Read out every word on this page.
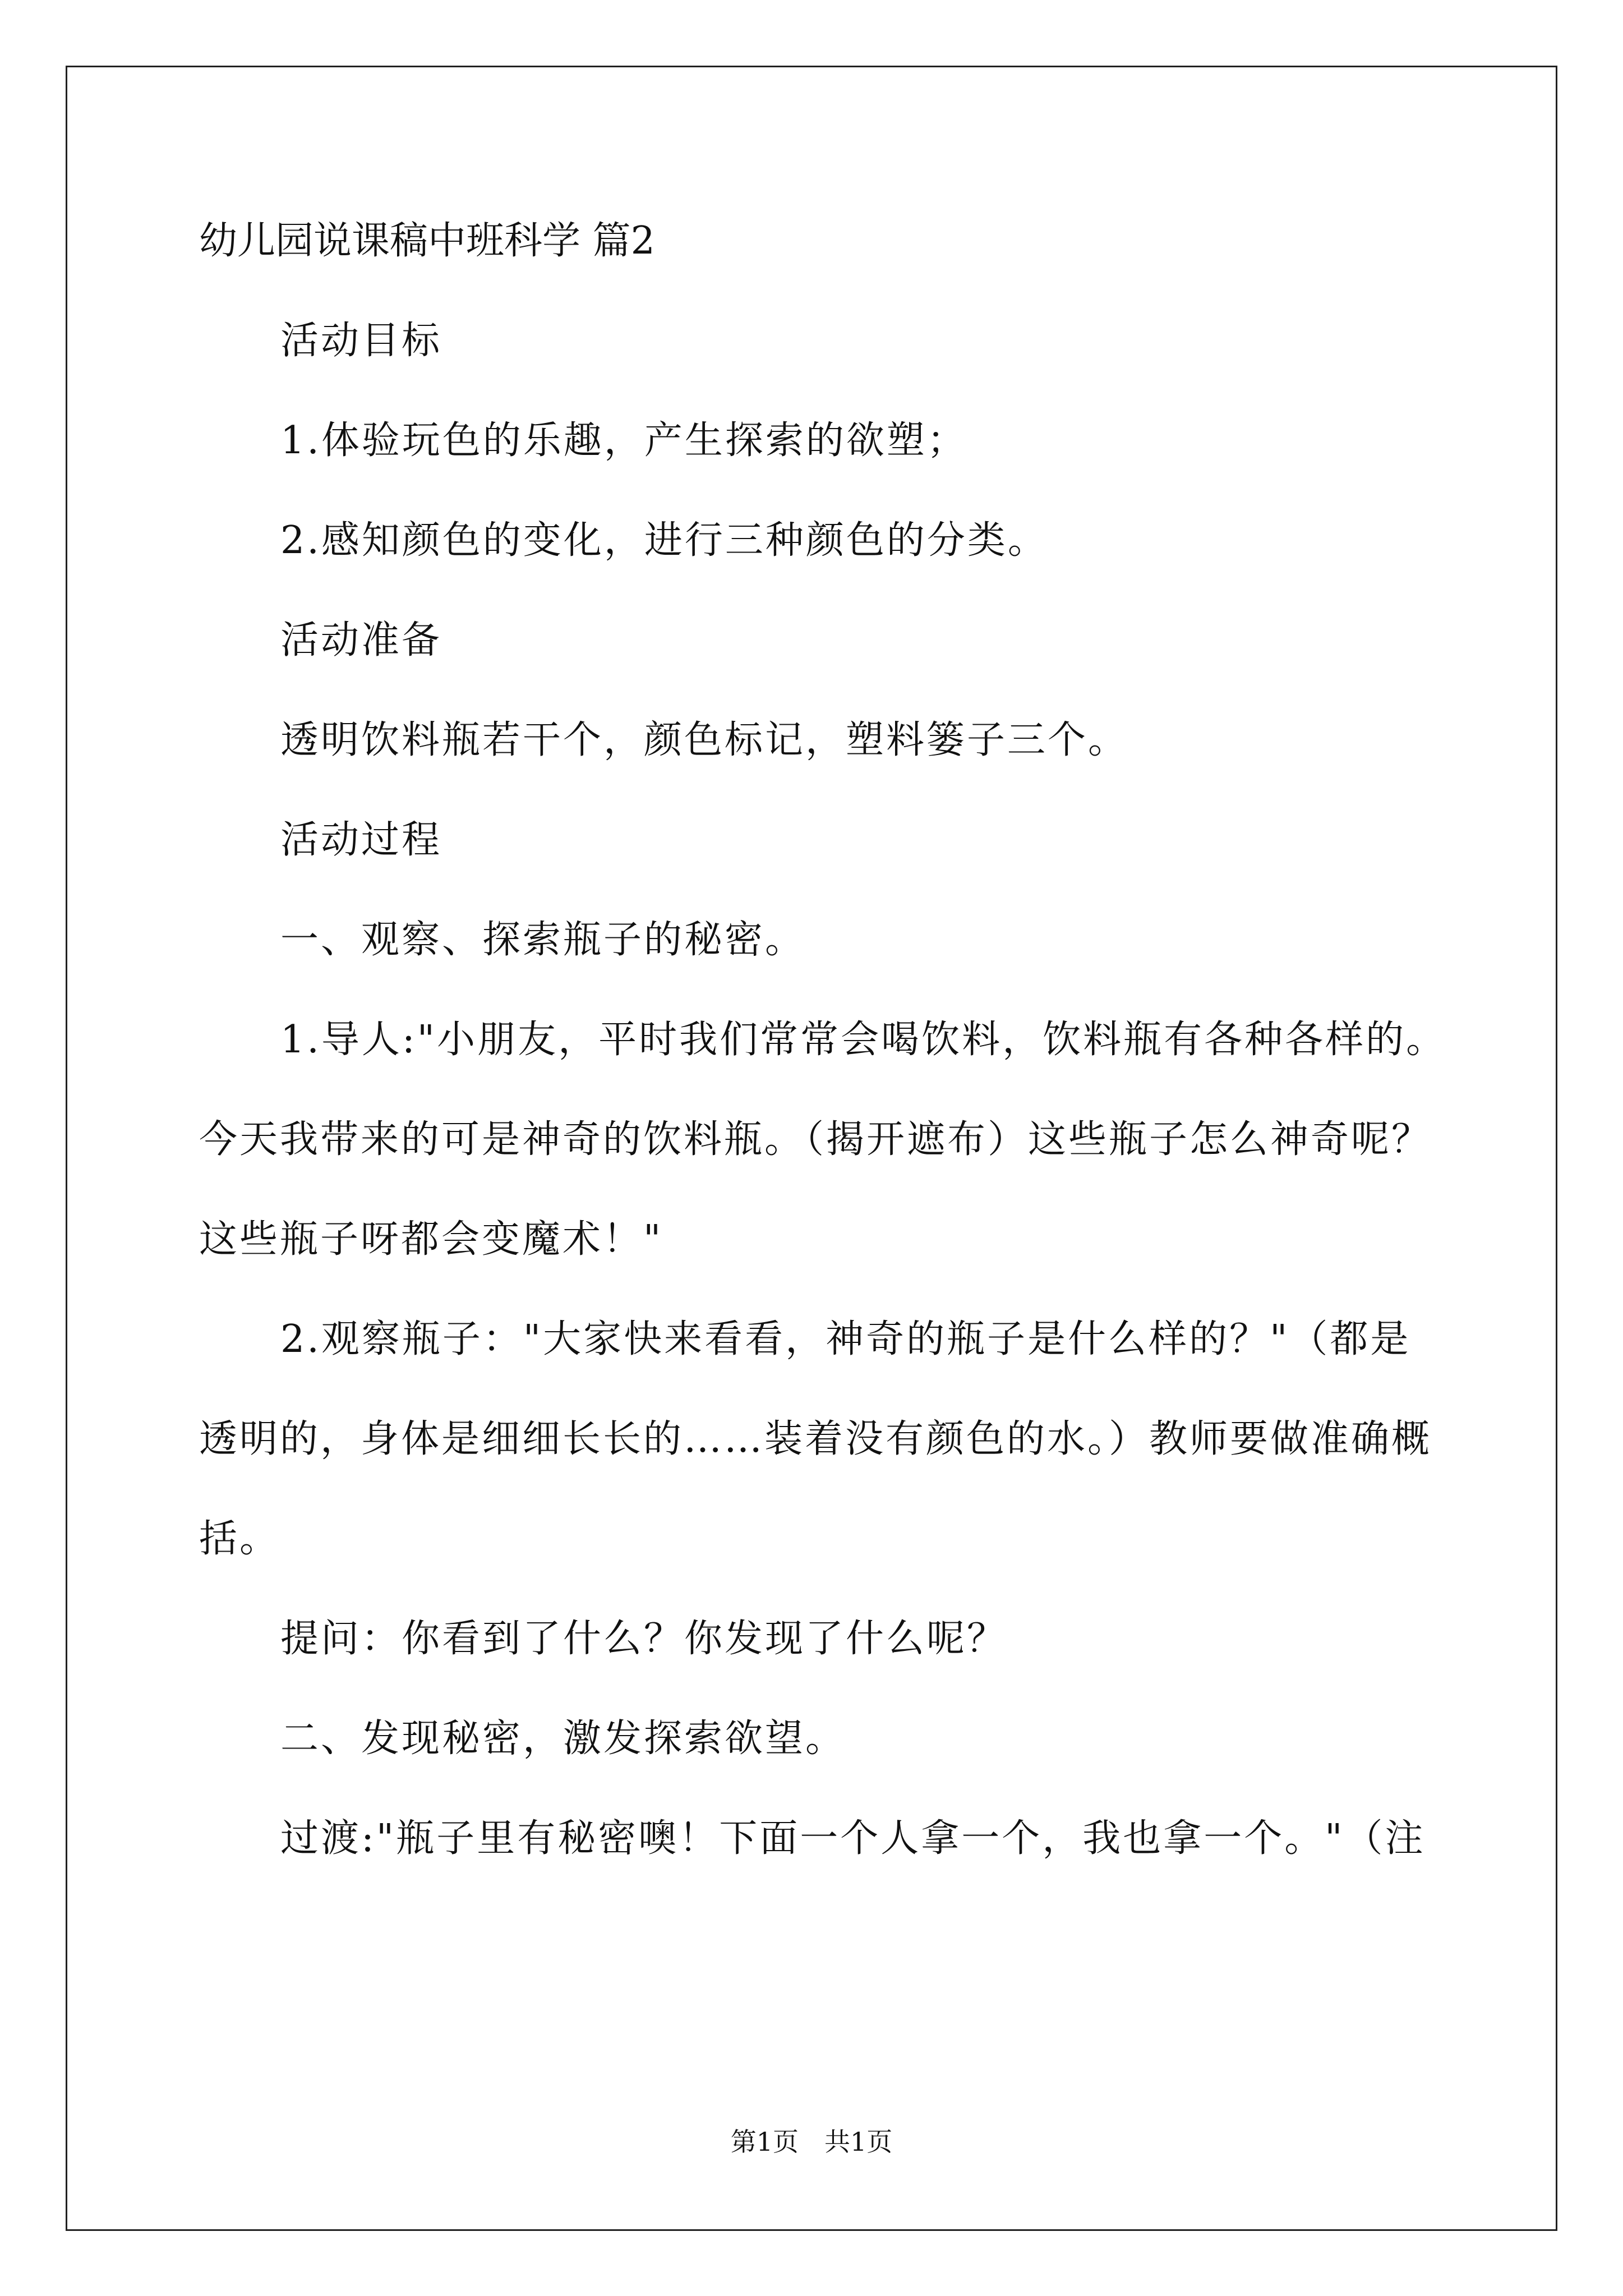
幼儿园说课稿中班科学 篇2

活动目标
1.体验玩色的乐趣，产生探索的欲塑；
2.感知颜色的变化，进行三种颜色的分类。
活动准备
透明饮料瓶若干个，颜色标记，塑料篓子三个。
活动过程
一、观察、探索瓶子的秘密。
1.导人:"小朋友，平时我们常常会喝饮料，饮料瓶有各种各样的。
今天我带来的可是神奇的饮料瓶。（揭开遮布）这些瓶子怎么神奇呢？
这些瓶子呀都会变魔术！"
2.观察瓶子："大家快来看看，神奇的瓶子是什么样的？"（都是
透明的，身体是细细长长的……装着没有颜色的水。）教师要做准确概
括。
提问：你看到了什么？你发现了什么呢？
二、发现秘密，激发探索欲望。
过渡:"瓶子里有秘密噢！下面一个人拿一个，我也拿一个。"（注
第1页　共1页
